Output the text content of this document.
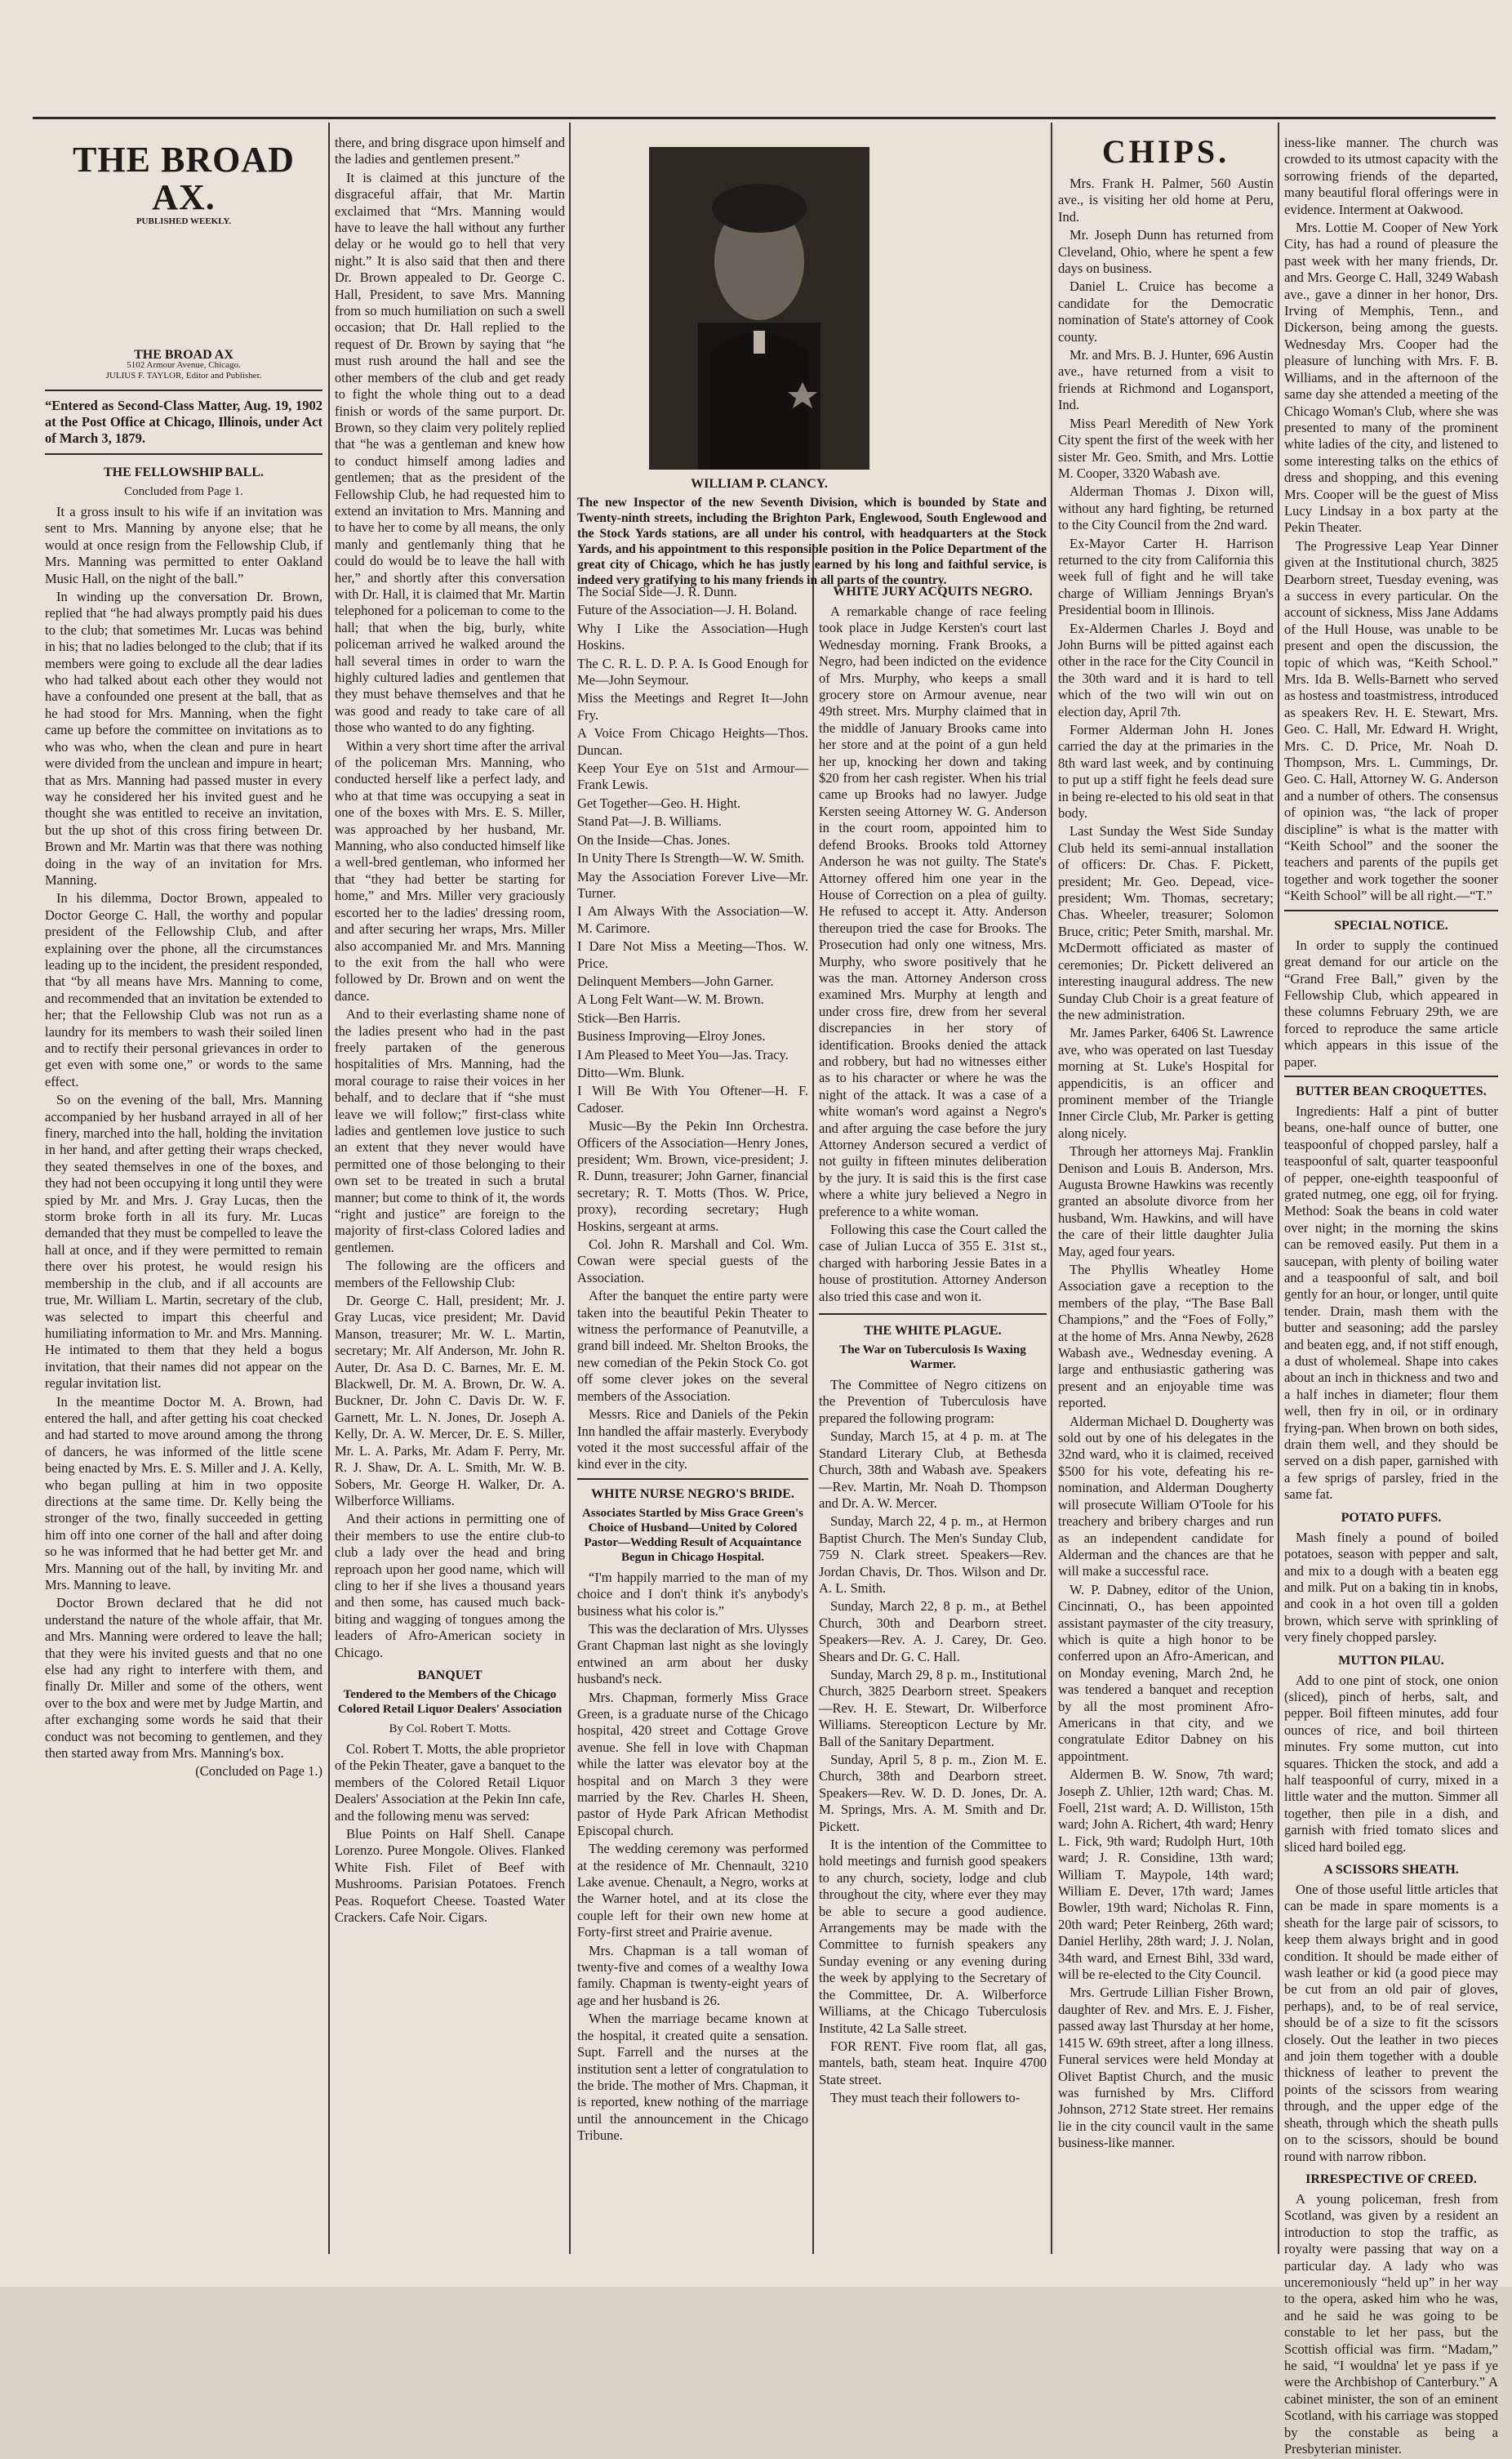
THE BROAD AX.
PUBLISHED WEEKLY.
THE BROAD AX
5102 Armour Avenue, Chicago.
JULIUS F. TAYLOR, Editor and Publisher.

“Entered as Second-Class Matter, Aug. 19, 1902 at the Post Office at Chicago, Illinois, under Act of March 3, 1879.

THE FELLOWSHIP BALL.
Concluded from Page 1.

It a gross insult to his wife if an invitation was sent to Mrs. Manning by anyone else; that he would at once resign from the Fellowship Club, if Mrs. Manning was permitted to enter Oakland Music Hall, on the night of the ball.”

In winding up the conversation Dr. Brown, replied that “he had always promptly paid his dues to the club; that sometimes Mr. Lucas was behind in his; that no ladies belonged to the club; that if its members were going to exclude all the dear ladies who had talked about each other they would not have a confounded one present at the ball, that as he had stood for Mrs. Manning, when the fight came up before the committee on invitations as to who was who, when the clean and pure in heart were divided from the unclean and impure in heart; that as Mrs. Manning had passed muster in every way he considered her his invited guest and he thought she was entitled to receive an invitation, but the up shot of this cross firing between Dr. Brown and Mr. Martin was that there was nothing doing in the way of an invitation for Mrs. Manning.

In his dilemma, Doctor Brown, appealed to Doctor George C. Hall, the worthy and popular president of the Fellowship Club, and after explaining over the phone, all the circumstances leading up to the incident, the president responded, that “by all means have Mrs. Manning to come, and recommended that an invitation be extended to her; that the Fellowship Club was not run as a laundry for its members to wash their soiled linen and to rectify their personal grievances in order to get even with some one,” or words to the same effect.

So on the evening of the ball, Mrs. Manning accompanied by her husband arrayed in all of her finery, marched into the hall, holding the invitation in her hand, and after getting their wraps checked, they seated themselves in one of the boxes, and they had not been occupying it long until they were spied by Mr. and Mrs. J. Gray Lucas, then the storm broke forth in all its fury. Mr. Lucas demanded that they must be compelled to leave the hall at once, and if they were permitted to remain there over his protest, he would resign his membership in the club, and if all accounts are true, Mr. William L. Martin, secretary of the club, was selected to impart this cheerful and humiliating information to Mr. and Mrs. Manning. He intimated to them that they held a bogus invitation, that their names did not appear on the regular invitation list.

In the meantime Doctor M. A. Brown, had entered the hall, and after getting his coat checked and had started to move around among the throng of dancers, he was informed of the little scene being enacted by Mrs. E. S. Miller and J. A. Kelly, who began pulling at him in two opposite directions at the same time. Dr. Kelly being the stronger of the two, finally succeeded in getting him off into one corner of the hall and after doing so he was informed that he had better get Mr. and Mrs. Manning out of the hall, by inviting Mr. and Mrs. Manning to leave.

Doctor Brown declared that he did not understand the nature of the whole affair, that Mr. and Mrs. Manning were ordered to leave the hall; that they were his invited guests and that no one else had any right to interfere with them, and finally Dr. Miller and some of the others, went over to the box and were met by Judge Martin, and after exchanging some words he said that their conduct was not becoming to gentlemen, and they then started away from Mrs. Manning's box.

(Concluded on Page 1.)

there, and bring disgrace upon himself and the ladies and gentlemen present.”

It is claimed at this juncture of the disgraceful affair, that Mr. Martin exclaimed that “Mrs. Manning would have to leave the hall without any further delay or he would go to hell that very night.” It is also said that then and there Dr. Brown appealed to Dr. George C. Hall, President, to save Mrs. Manning from so much humiliation on such a swell occasion; that Dr. Hall replied to the request of Dr. Brown by saying that “he must rush around the hall and see the other members of the club and get ready to fight the whole thing out to a dead finish or words of the same purport. Dr. Brown, so they claim very politely replied that “he was a gentleman and knew how to conduct himself among ladies and gentlemen; that as the president of the Fellowship Club, he had requested him to extend an invitation to Mrs. Manning and to have her to come by all means, the only manly and gentlemanly thing that he could do would be to leave the hall with her,” and shortly after this conversation with Dr. Hall, it is claimed that Mr. Martin telephoned for a policeman to come to the hall; that when the big, burly, white policeman arrived he walked around the hall several times in order to warn the highly cultured ladies and gentlemen that they must behave themselves and that he was good and ready to take care of all those who wanted to do any fighting.

Within a very short time after the arrival of the policeman Mrs. Manning, who conducted herself like a perfect lady, and who at that time was occupying a seat in one of the boxes with Mrs. E. S. Miller, was approached by her husband, Mr. Manning, who also conducted himself like a well-bred gentleman, who informed her that “they had better be starting for home,” and Mrs. Miller very graciously escorted her to the ladies' dressing room, and after securing her wraps, Mrs. Miller also accompanied Mr. and Mrs. Manning to the exit from the hall who were followed by Dr. Brown and on went the dance.

And to their everlasting shame none of the ladies present who had in the past freely partaken of the generous hospitalities of Mrs. Manning, had the moral courage to raise their voices in her behalf, and to declare that if “she must leave we will follow;” first-class white ladies and gentlemen love justice to such an extent that they never would have permitted one of those belonging to their own set to be treated in such a brutal manner; but come to think of it, the words “right and justice” are foreign to the majority of first-class Colored ladies and gentlemen.

The following are the officers and members of the Fellowship Club:

Dr. George C. Hall, president; Mr. J. Gray Lucas, vice president; Mr. David Manson, treasurer; Mr. W. L. Martin, secretary; Mr. Alf Anderson, Mr. John R. Auter, Dr. Asa D. C. Barnes, Mr. E. M. Blackwell, Dr. M. A. Brown, Dr. W. A. Buckner, Dr. John C. Davis Dr. W. F. Garnett, Mr. L. N. Jones, Dr. Joseph A. Kelly, Dr. A. W. Mercer, Dr. E. S. Miller, Mr. L. A. Parks, Mr. Adam F. Perry, Mr. R. J. Shaw, Dr. A. L. Smith, Mr. W. B. Sobers, Mr. George H. Walker, Dr. A. Wilberforce Williams.

And their actions in permitting one of their members to use the entire club-to club a lady over the head and bring reproach upon her good name, which will cling to her if she lives a thousand years and then some, has caused much back-biting and wagging of tongues among the leaders of Afro-American society in Chicago.

BANQUET
Tendered to the Members of the Chicago Colored Retail Liquor Dealers' Association
By Col. Robert T. Motts.

Col. Robert T. Motts, the able proprietor of the Pekin Theater, gave a banquet to the members of the Colored Retail Liquor Dealers' Association at the Pekin Inn cafe, and the following menu was served:

Blue Points on Half Shell. Canape Lorenzo. Puree Mongole. Olives. Flanked White Fish. Filet of Beef with Mushrooms. Parisian Potatoes. French Peas. Roquefort Cheese. Toasted Water Crackers. Cafe Noir. Cigars.

WILLIAM P. CLANCY.
The new Inspector of the new Seventh Division, which is bounded by State and Twenty-ninth streets, including the Brighton Park, Englewood, South Englewood and the Stock Yards stations, are all under his control, with headquarters at the Stock Yards, and his appointment to this responsible position in the Police Department of the great city of Chicago, which he has justly earned by his long and faithful service, is indeed very gratifying to his many friends in all parts of the country.

The Social Side—J. R. Dunn.

Future of the Association—J. H. Boland.

Why I Like the Association—Hugh Hoskins.

The C. R. L. D. P. A. Is Good Enough for Me—John Seymour.

Miss the Meetings and Regret It—John Fry.

A Voice From Chicago Heights—Thos. Duncan.

Keep Your Eye on 51st and Armour—Frank Lewis.

Get Together—Geo. H. Hight.

Stand Pat—J. B. Williams.

On the Inside—Chas. Jones.

In Unity There Is Strength—W. W. Smith.

May the Association Forever Live—Mr. Turner.

I Am Always With the Association—W. M. Carimore.

I Dare Not Miss a Meeting—Thos. W. Price.

Delinquent Members—John Garner.

A Long Felt Want—W. M. Brown.

Stick—Ben Harris.

Business Improving—Elroy Jones.

I Am Pleased to Meet You—Jas. Tracy.

Ditto—Wm. Blunk.

I Will Be With You Oftener—H. F. Cadoser.

Music—By the Pekin Inn Orchestra. Officers of the Association—Henry Jones, president; Wm. Brown, vice-president; J. R. Dunn, treasurer; John Garner, financial secretary; R. T. Motts (Thos. W. Price, proxy), recording secretary; Hugh Hoskins, sergeant at arms.

Col. John R. Marshall and Col. Wm. Cowan were special guests of the Association.

After the banquet the entire party were taken into the beautiful Pekin Theater to witness the performance of Peanutville, a grand bill indeed. Mr. Shelton Brooks, the new comedian of the Pekin Stock Co. got off some clever jokes on the several members of the Association.

Messrs. Rice and Daniels of the Pekin Inn handled the affair masterly. Everybody voted it the most successful affair of the kind ever in the city.

WHITE NURSE NEGRO'S BRIDE.
Associates Startled by Miss Grace Green's Choice of Husband—United by Colored Pastor—Wedding Result of Acquaintance Begun in Chicago Hospital.

“I'm happily married to the man of my choice and I don't think it's anybody's business what his color is.”

This was the declaration of Mrs. Ulysses Grant Chapman last night as she lovingly entwined an arm about her dusky husband's neck.

Mrs. Chapman, formerly Miss Grace Green, is a graduate nurse of the Chicago hospital, 420 street and Cottage Grove avenue. She fell in love with Chapman while the latter was elevator boy at the hospital and on March 3 they were married by the Rev. Charles H. Sheen, pastor of Hyde Park African Methodist Episcopal church.

The wedding ceremony was performed at the residence of Mr. Chennault, 3210 Lake avenue. Chenault, a Negro, works at the Warner hotel, and at its close the couple left for their own new home at Forty-first street and Prairie avenue.

Mrs. Chapman is a tall woman of twenty-five and comes of a wealthy Iowa family. Chapman is twenty-eight years of age and her husband is 26.

When the marriage became known at the hospital, it created quite a sensation. Supt. Farrell and the nurses at the institution sent a letter of congratulation to the bride. The mother of Mrs. Chapman, it is reported, knew nothing of the marriage until the announcement in the Chicago Tribune.

WHITE JURY ACQUITS NEGRO.

A remarkable change of race feeling took place in Judge Kersten's court last Wednesday morning. Frank Brooks, a Negro, had been indicted on the evidence of Mrs. Murphy, who keeps a small grocery store on Armour avenue, near 49th street. Mrs. Murphy claimed that in the middle of January Brooks came into her store and at the point of a gun held her up, knocking her down and taking $20 from her cash register. When his trial came up Brooks had no lawyer. Judge Kersten seeing Attorney W. G. Anderson in the court room, appointed him to defend Brooks. Brooks told Attorney Anderson he was not guilty. The State's Attorney offered him one year in the House of Correction on a plea of guilty. He refused to accept it. Atty. Anderson thereupon tried the case for Brooks. The Prosecution had only one witness, Mrs. Murphy, who swore positively that he was the man. Attorney Anderson cross examined Mrs. Murphy at length and under cross fire, drew from her several discrepancies in her story of identification. Brooks denied the attack and robbery, but had no witnesses either as to his character or where he was the night of the attack. It was a case of a white woman's word against a Negro's and after arguing the case before the jury Attorney Anderson secured a verdict of not guilty in fifteen minutes deliberation by the jury. It is said this is the first case where a white jury believed a Negro in preference to a white woman.

Following this case the Court called the case of Julian Lucca of 355 E. 31st st., charged with harboring Jessie Bates in a house of prostitution. Attorney Anderson also tried this case and won it.

THE WHITE PLAGUE.
The War on Tuberculosis Is Waxing Warmer.

The Committee of Negro citizens on the Prevention of Tuberculosis have prepared the following program:

Sunday, March 15, at 4 p. m. at The Standard Literary Club, at Bethesda Church, 38th and Wabash ave. Speakers—Rev. Martin, Mr. Noah D. Thompson and Dr. A. W. Mercer.

Sunday, March 22, 4 p. m., at Hermon Baptist Church. The Men's Sunday Club, 759 N. Clark street. Speakers—Rev. Jordan Chavis, Dr. Thos. Wilson and Dr. A. L. Smith.

Sunday, March 22, 8 p. m., at Bethel Church, 30th and Dearborn street. Speakers—Rev. A. J. Carey, Dr. Geo. Shears and Dr. G. C. Hall.

Sunday, March 29, 8 p. m., Institutional Church, 3825 Dearborn street. Speakers—Rev. H. E. Stewart, Dr. Wilberforce Williams. Stereopticon Lecture by Mr. Ball of the Sanitary Department.

Sunday, April 5, 8 p. m., Zion M. E. Church, 38th and Dearborn street. Speakers—Rev. W. D. D. Jones, Dr. A. M. Springs, Mrs. A. M. Smith and Dr. Pickett.

It is the intention of the Committee to hold meetings and furnish good speakers to any church, society, lodge and club throughout the city, where ever they may be able to secure a good audience. Arrangements may be made with the Committee to furnish speakers any Sunday evening or any evening during the week by applying to the Secretary of the Committee, Dr. A. Wilberforce Williams, at the Chicago Tuberculosis Institute, 42 La Salle street.

FOR RENT. Five room flat, all gas, mantels, bath, steam heat. Inquire 4700 State street.

They must teach their followers to-

CHIPS.

Mrs. Frank H. Palmer, 560 Austin ave., is visiting her old home at Peru, Ind.

Mr. Joseph Dunn has returned from Cleveland, Ohio, where he spent a few days on business.

Daniel L. Cruice has become a candidate for the Democratic nomination of State's attorney of Cook county.

Mr. and Mrs. B. J. Hunter, 696 Austin ave., have returned from a visit to friends at Richmond and Logansport, Ind.

Miss Pearl Meredith of New York City spent the first of the week with her sister Mr. Geo. Smith, and Mrs. Lottie M. Cooper, 3320 Wabash ave.

Alderman Thomas J. Dixon will, without any hard fighting, be returned to the City Council from the 2nd ward.

Ex-Mayor Carter H. Harrison returned to the city from California this week full of fight and he will take charge of William Jennings Bryan's Presidential boom in Illinois.

Ex-Aldermen Charles J. Boyd and John Burns will be pitted against each other in the race for the City Council in the 30th ward and it is hard to tell which of the two will win out on election day, April 7th.

Former Alderman John H. Jones carried the day at the primaries in the 8th ward last week, and by continuing to put up a stiff fight he feels dead sure in being re-elected to his old seat in that body.

Last Sunday the West Side Sunday Club held its semi-annual installation of officers: Dr. Chas. F. Pickett, president; Mr. Geo. Depead, vice-president; Wm. Thomas, secretary; Chas. Wheeler, treasurer; Solomon Bruce, critic; Peter Smith, marshal. Mr. McDermott officiated as master of ceremonies; Dr. Pickett delivered an interesting inaugural address. The new Sunday Club Choir is a great feature of the new administration.

Mr. James Parker, 6406 St. Lawrence ave, who was operated on last Tuesday morning at St. Luke's Hospital for appendicitis, is an officer and prominent member of the Triangle Inner Circle Club, Mr. Parker is getting along nicely.

Through her attorneys Maj. Franklin Denison and Louis B. Anderson, Mrs. Augusta Browne Hawkins was recently granted an absolute divorce from her husband, Wm. Hawkins, and will have the care of their little daughter Julia May, aged four years.

The Phyllis Wheatley Home Association gave a reception to the members of the play, “The Base Ball Champions,” and the “Foes of Folly,” at the home of Mrs. Anna Newby, 2628 Wabash ave., Wednesday evening. A large and enthusiastic gathering was present and an enjoyable time was reported.

Alderman Michael D. Dougherty was sold out by one of his delegates in the 32nd ward, who it is claimed, received $500 for his vote, defeating his re-nomination, and Alderman Dougherty will prosecute William O'Toole for his treachery and bribery charges and run as an independent candidate for Alderman and the chances are that he will make a successful race.

W. P. Dabney, editor of the Union, Cincinnati, O., has been appointed assistant paymaster of the city treasury, which is quite a high honor to be conferred upon an Afro-American, and on Monday evening, March 2nd, he was tendered a banquet and reception by all the most prominent Afro-Americans in that city, and we congratulate Editor Dabney on his appointment.

Aldermen B. W. Snow, 7th ward; Joseph Z. Uhlier, 12th ward; Chas. M. Foell, 21st ward; A. D. Williston, 15th ward; John A. Richert, 4th ward; Henry L. Fick, 9th ward; Rudolph Hurt, 10th ward; J. R. Considine, 13th ward; William T. Maypole, 14th ward; William E. Dever, 17th ward; James Bowler, 19th ward; Nicholas R. Finn, 20th ward; Peter Reinberg, 26th ward; Daniel Herlihy, 28th ward; J. J. Nolan, 34th ward, and Ernest Bihl, 33d ward, will be re-elected to the City Council.

Mrs. Gertrude Lillian Fisher Brown, daughter of Rev. and Mrs. E. J. Fisher, passed away last Thursday at her home, 1415 W. 69th street, after a long illness. Funeral services were held Monday at Olivet Baptist Church, and the music was furnished by Mrs. Clifford Johnson, 2712 State street. Her remains lie in the city council vault in the same business-like manner.

iness-like manner. The church was crowded to its utmost capacity with the sorrowing friends of the departed, many beautiful floral offerings were in evidence. Interment at Oakwood.

Mrs. Lottie M. Cooper of New York City, has had a round of pleasure the past week with her many friends, Dr. and Mrs. George C. Hall, 3249 Wabash ave., gave a dinner in her honor, Drs. Irving of Memphis, Tenn., and Dickerson, being among the guests. Wednesday Mrs. Cooper had the pleasure of lunching with Mrs. F. B. Williams, and in the afternoon of the same day she attended a meeting of the Chicago Woman's Club, where she was presented to many of the prominent white ladies of the city, and listened to some interesting talks on the ethics of dress and shopping, and this evening Mrs. Cooper will be the guest of Miss Lucy Lindsay in a box party at the Pekin Theater.

The Progressive Leap Year Dinner given at the Institutional church, 3825 Dearborn street, Tuesday evening, was a success in every particular. On the account of sickness, Miss Jane Addams of the Hull House, was unable to be present and open the discussion, the topic of which was, “Keith School.” Mrs. Ida B. Wells-Barnett who served as hostess and toastmistress, introduced as speakers Rev. H. E. Stewart, Mrs. Geo. C. Hall, Mr. Edward H. Wright, Mrs. C. D. Price, Mr. Noah D. Thompson, Mrs. L. Cummings, Dr. Geo. C. Hall, Attorney W. G. Anderson and a number of others. The consensus of opinion was, “the lack of proper discipline” is what is the matter with “Keith School” and the sooner the teachers and parents of the pupils get together and work together the sooner “Keith School” will be all right.—“T.”

SPECIAL NOTICE.

In order to supply the continued great demand for our article on the “Grand Free Ball,” given by the Fellowship Club, which appeared in these columns February 29th, we are forced to reproduce the same article which appears in this issue of the paper.

BUTTER BEAN CROQUETTES.

Ingredients: Half a pint of butter beans, one-half ounce of butter, one teaspoonful of chopped parsley, half a teaspoonful of salt, quarter teaspoonful of pepper, one-eighth teaspoonful of grated nutmeg, one egg, oil for frying. Method: Soak the beans in cold water over night; in the morning the skins can be removed easily. Put them in a saucepan, with plenty of boiling water and a teaspoonful of salt, and boil gently for an hour, or longer, until quite tender. Drain, mash them with the butter and seasoning; add the parsley and beaten egg, and, if not stiff enough, a dust of wholemeal. Shape into cakes about an inch in thickness and two and a half inches in diameter; flour them well, then fry in oil, or in ordinary frying-pan. When brown on both sides, drain them well, and they should be served on a dish paper, garnished with a few sprigs of parsley, fried in the same fat.

POTATO PUFFS.

Mash finely a pound of boiled potatoes, season with pepper and salt, and mix to a dough with a beaten egg and milk. Put on a baking tin in knobs, and cook in a hot oven till a golden brown, which serve with sprinkling of very finely chopped parsley.

MUTTON PILAU.

Add to one pint of stock, one onion (sliced), pinch of herbs, salt, and pepper. Boil fifteen minutes, add four ounces of rice, and boil thirteen minutes. Fry some mutton, cut into squares. Thicken the stock, and add a half teaspoonful of curry, mixed in a little water and the mutton. Simmer all together, then pile in a dish, and garnish with fried tomato slices and sliced hard boiled egg.

A SCISSORS SHEATH.

One of those useful little articles that can be made in spare moments is a sheath for the large pair of scissors, to keep them always bright and in good condition. It should be made either of wash leather or kid (a good piece may be cut from an old pair of gloves, perhaps), and, to be of real service, should be of a size to fit the scissors closely. Out the leather in two pieces and join them together with a double thickness of leather to prevent the points of the scissors from wearing through, and the upper edge of the sheath, through which the sheath pulls on to the scissors, should be bound round with narrow ribbon.

IRRESPECTIVE OF CREED.

A young policeman, fresh from Scotland, was given by a resident an introduction to stop the traffic, as royalty were passing that way on a particular day. A lady who was unceremoniously “held up” in her way to the opera, asked him who he was, and he said he was going to be constable to let her pass, but the Scottish official was firm. “Madam,” he said, “I wouldna' let ye pass if ye were the Archbishop of Canterbury.” A cabinet minister, the son of an eminent Scotland, with his carriage was stopped by the constable as being a Presbyterian minister.
